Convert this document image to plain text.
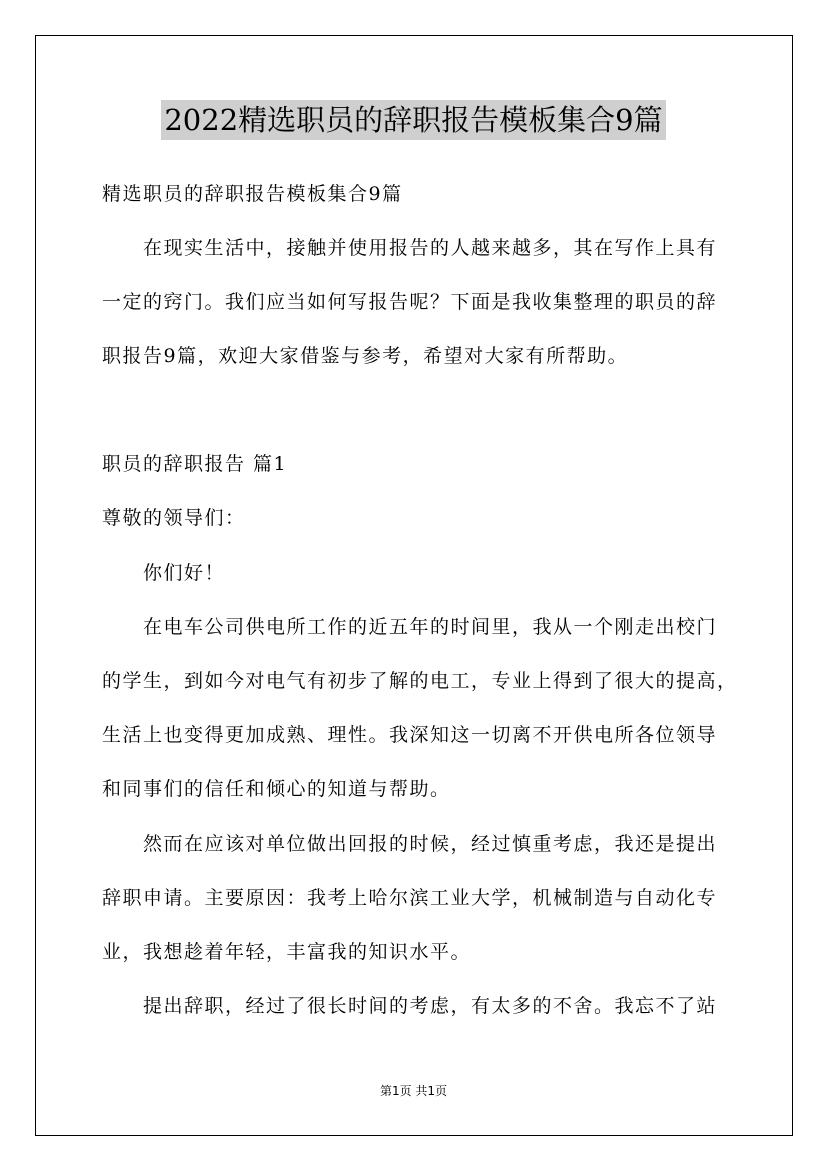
2022精选职员的辞职报告模板集合9篇
精选职员的辞职报告模板集合9篇
在现实生活中，接触并使用报告的人越来越多，其在写作上具有
一定的窍门。我们应当如何写报告呢？下面是我收集整理的职员的辞
职报告9篇，欢迎大家借鉴与参考，希望对大家有所帮助。
职员的辞职报告 篇1
尊敬的领导们：
你们好！
在电车公司供电所工作的近五年的时间里，我从一个刚走出校门
的学生，到如今对电气有初步了解的电工，专业上得到了很大的提高，
生活上也变得更加成熟、理性。我深知这一切离不开供电所各位领导
和同事们的信任和倾心的知道与帮助。
然而在应该对单位做出回报的时候，经过慎重考虑，我还是提出
辞职申请。主要原因：我考上哈尔滨工业大学，机械制造与自动化专
业，我想趁着年轻，丰富我的知识水平。
提出辞职，经过了很长时间的考虑，有太多的不舍。我忘不了站
第1页 共1页
